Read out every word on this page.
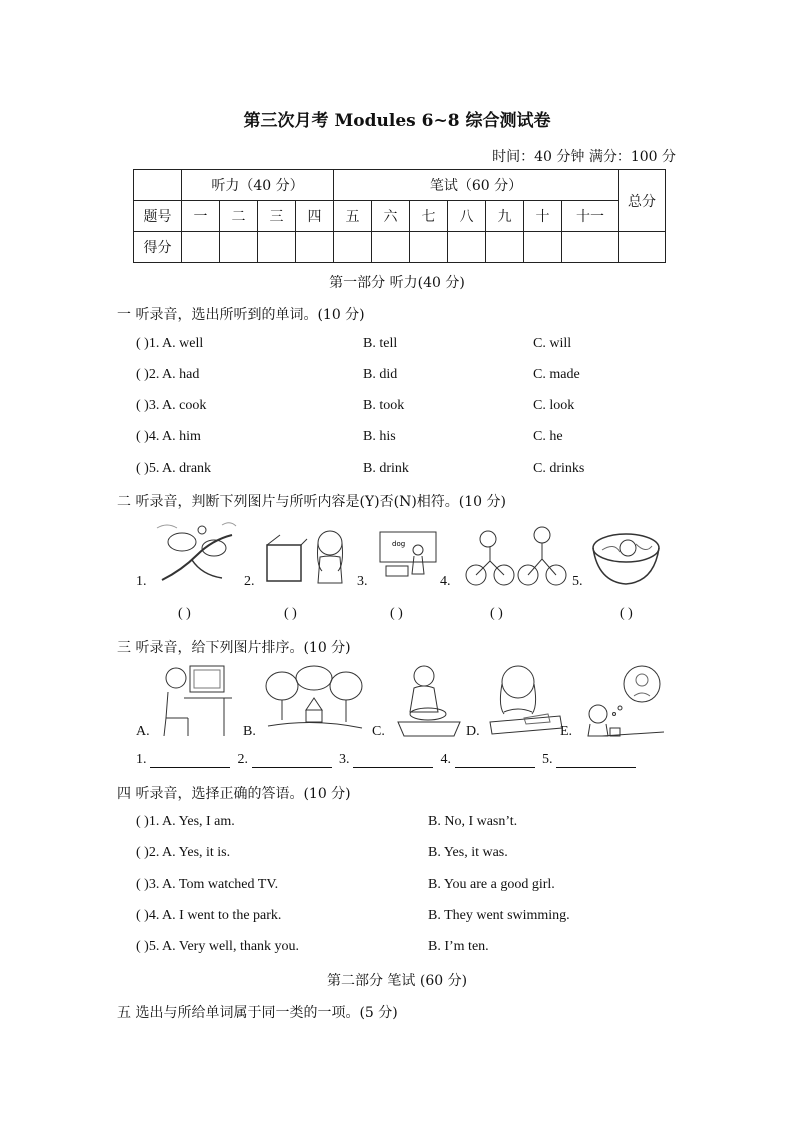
第三次月考 Modules 6~8 综合测试卷
时间：40 分钟 满分：100 分
	听力（40 分）				笔试（60 分）							总分
题号	一	二	三	四	五	六	七	八	九	十	十一	
得分												
第一部分 听力(40 分)
一 听录音，选出所听到的单词。(10 分)
( )1. A. well	B. tell	C. will
( )2. A. had	B. did	C. made
( )3. A. cook	B. took	C. look
( )4. A. him	B. his	C. he
( )5. A. drank	B. drink	C. drinks
二 听录音，判断下列图片与所听内容是(Y)否(N)相符。(10 分)
1.	2.	3.
dog
4.	5.
( )	( )	( )	( )	( )
三 听录音，给下列图片排序。(10 分)
A.	B.	C.	D.	E.
1.	2.	3.	4.	5.
四 听录音，选择正确的答语。(10 分)
( )1. A. Yes, I am.	B. No, I wasn’t.
( )2. A. Yes, it is.	B. Yes, it was.
( )3. A. Tom watched TV.	B. You are a good girl.
( )4. A. I went to the park.	B. They went swimming.
( )5. A. Very well, thank you.	B. I’m ten.
第二部分 笔试 (60 分)
五 选出与所给单词属于同一类的一项。(5 分)
